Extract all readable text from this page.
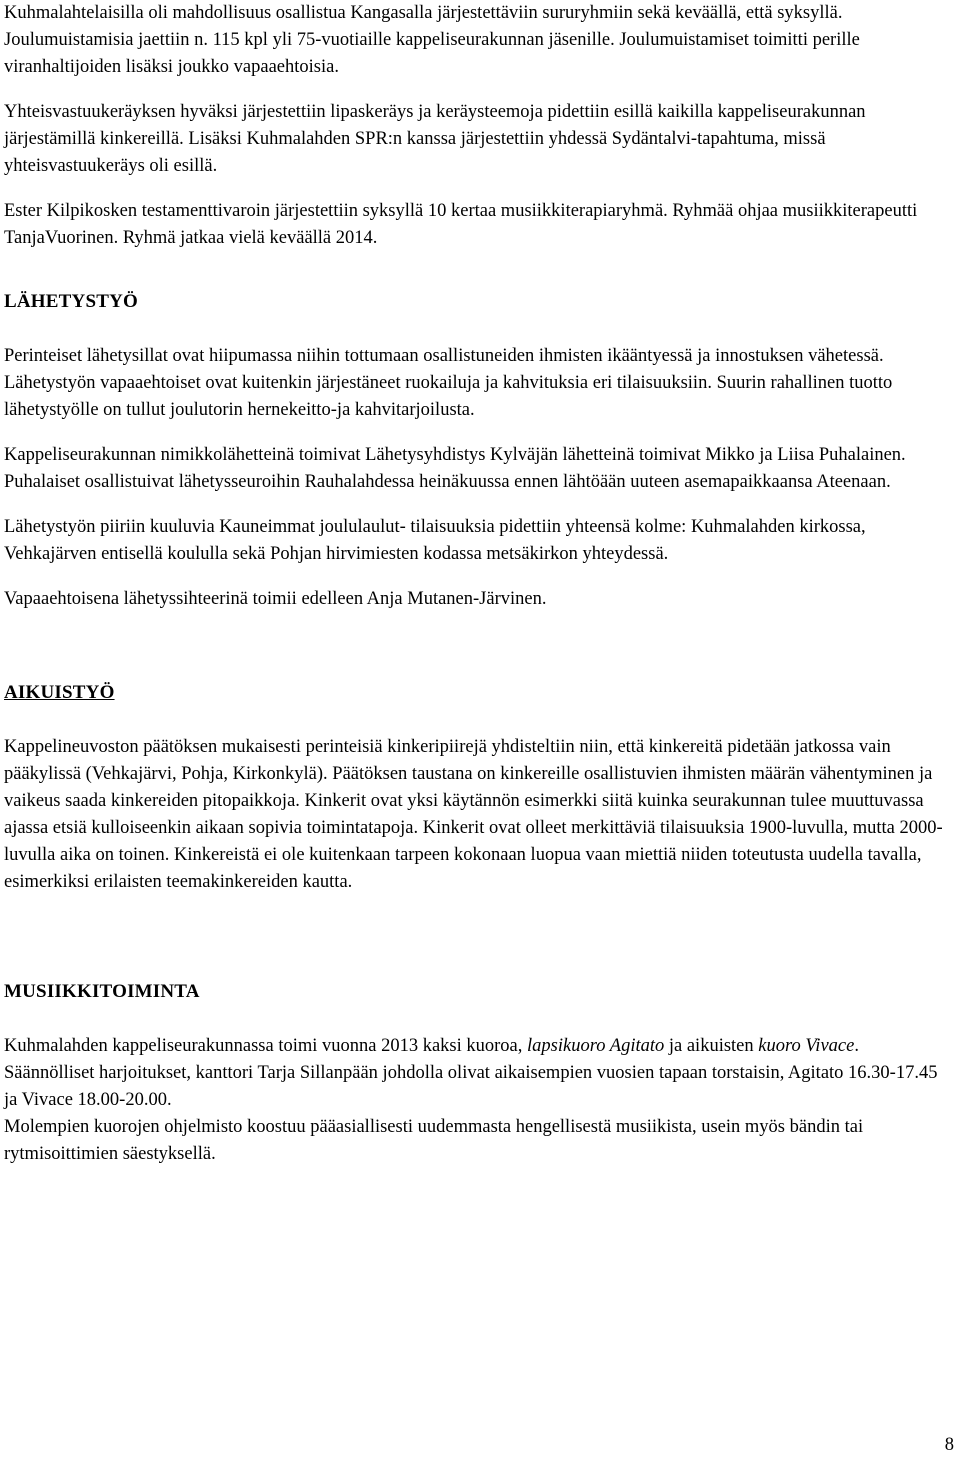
Kuhmalahtelaisilla oli mahdollisuus osallistua Kangasalla järjestettäviin sururyhmiin sekä keväällä, että syksyllä. Joulumuistamisia jaettiin n. 115 kpl yli 75-vuotiaille kappeliseurakunnan jäsenille. Joulumuistamiset toimitti perille viranhaltijoiden lisäksi joukko vapaaehtoisia.

Yhteisvastuukeräyksen hyväksi järjestettiin lipaskeräys ja keräysteemoja pidettiin esillä kaikilla kappeliseurakunnan järjestämillä kinkereillä. Lisäksi Kuhmalahden SPR:n kanssa järjestettiin yhdessä Sydäntalvi-tapahtuma, missä yhteisvastuukeräys oli esillä.

Ester Kilpikosken testamenttivaroin järjestettiin syksyllä 10 kertaa musiikkiterapiaryhmä. Ryhmää ohjaa musiikkiterapeutti TanjaVuorinen. Ryhmä jatkaa vielä keväällä 2014.

LÄHETYSTYÖ

Perinteiset lähetysillat ovat hiipumassa niihin tottumaan osallistuneiden ihmisten ikääntyessä ja innostuksen vähetessä. Lähetystyön vapaaehtoiset ovat kuitenkin järjestäneet ruokailuja ja kahvituksia eri tilaisuuksiin. Suurin rahallinen tuotto lähetystyölle on tullut joulutorin hernekeitto-ja kahvitarjoilusta.

Kappeliseurakunnan nimikkolähetteinä toimivat Lähetysyhdistys Kylväjän lähetteinä toimivat Mikko ja Liisa Puhalainen. Puhalaiset osallistuivat lähetysseuroihin Rauhalahdessa heinäkuussa ennen lähtöään uuteen asemapaikkaansa Ateenaan.

Lähetystyön piiriin kuuluvia Kauneimmat joululaulut- tilaisuuksia pidettiin yhteensä kolme: Kuhmalahden kirkossa, Vehkajärven entisellä koululla sekä Pohjan hirvimiesten kodassa metsäkirkon yhteydessä.

Vapaaehtoisena lähetyssihteerinä toimii edelleen Anja Mutanen-Järvinen.

AIKUISTYÖ

Kappelineuvoston päätöksen mukaisesti perinteisiä kinkeripiirejä yhdisteltiin niin, että kinkereitä pidetään jatkossa vain pääkylissä (Vehkajärvi, Pohja, Kirkonkylä). Päätöksen taustana on kinkereille osallistuvien ihmisten määrän vähentyminen ja vaikeus saada kinkereiden pitopaikkoja. Kinkerit ovat yksi käytännön esimerkki siitä kuinka seurakunnan tulee muuttuvassa ajassa etsiä kulloiseenkin aikaan sopivia toimintatapoja. Kinkerit ovat olleet merkittäviä tilaisuuksia 1900-luvulla, mutta 2000-luvulla aika on toinen. Kinkereistä ei ole kuitenkaan tarpeen kokonaan luopua vaan miettiä niiden toteutusta uudella tavalla, esimerkiksi erilaisten teemakinkereiden kautta.

MUSIIKKITOIMINTA

Kuhmalahden kappeliseurakunnassa toimi vuonna 2013 kaksi kuoroa, lapsikuoro Agitato ja aikuisten kuoro Vivace. Säännölliset harjoitukset, kanttori Tarja Sillanpään johdolla olivat aikaisempien vuosien tapaan torstaisin, Agitato 16.30-17.45 ja Vivace 18.00-20.00.

Molempien kuorojen ohjelmisto koostuu pääasiallisesti uudemmasta hengellisestä musiikista, usein myös bändin tai rytmisoittimien säestyksellä.

8
